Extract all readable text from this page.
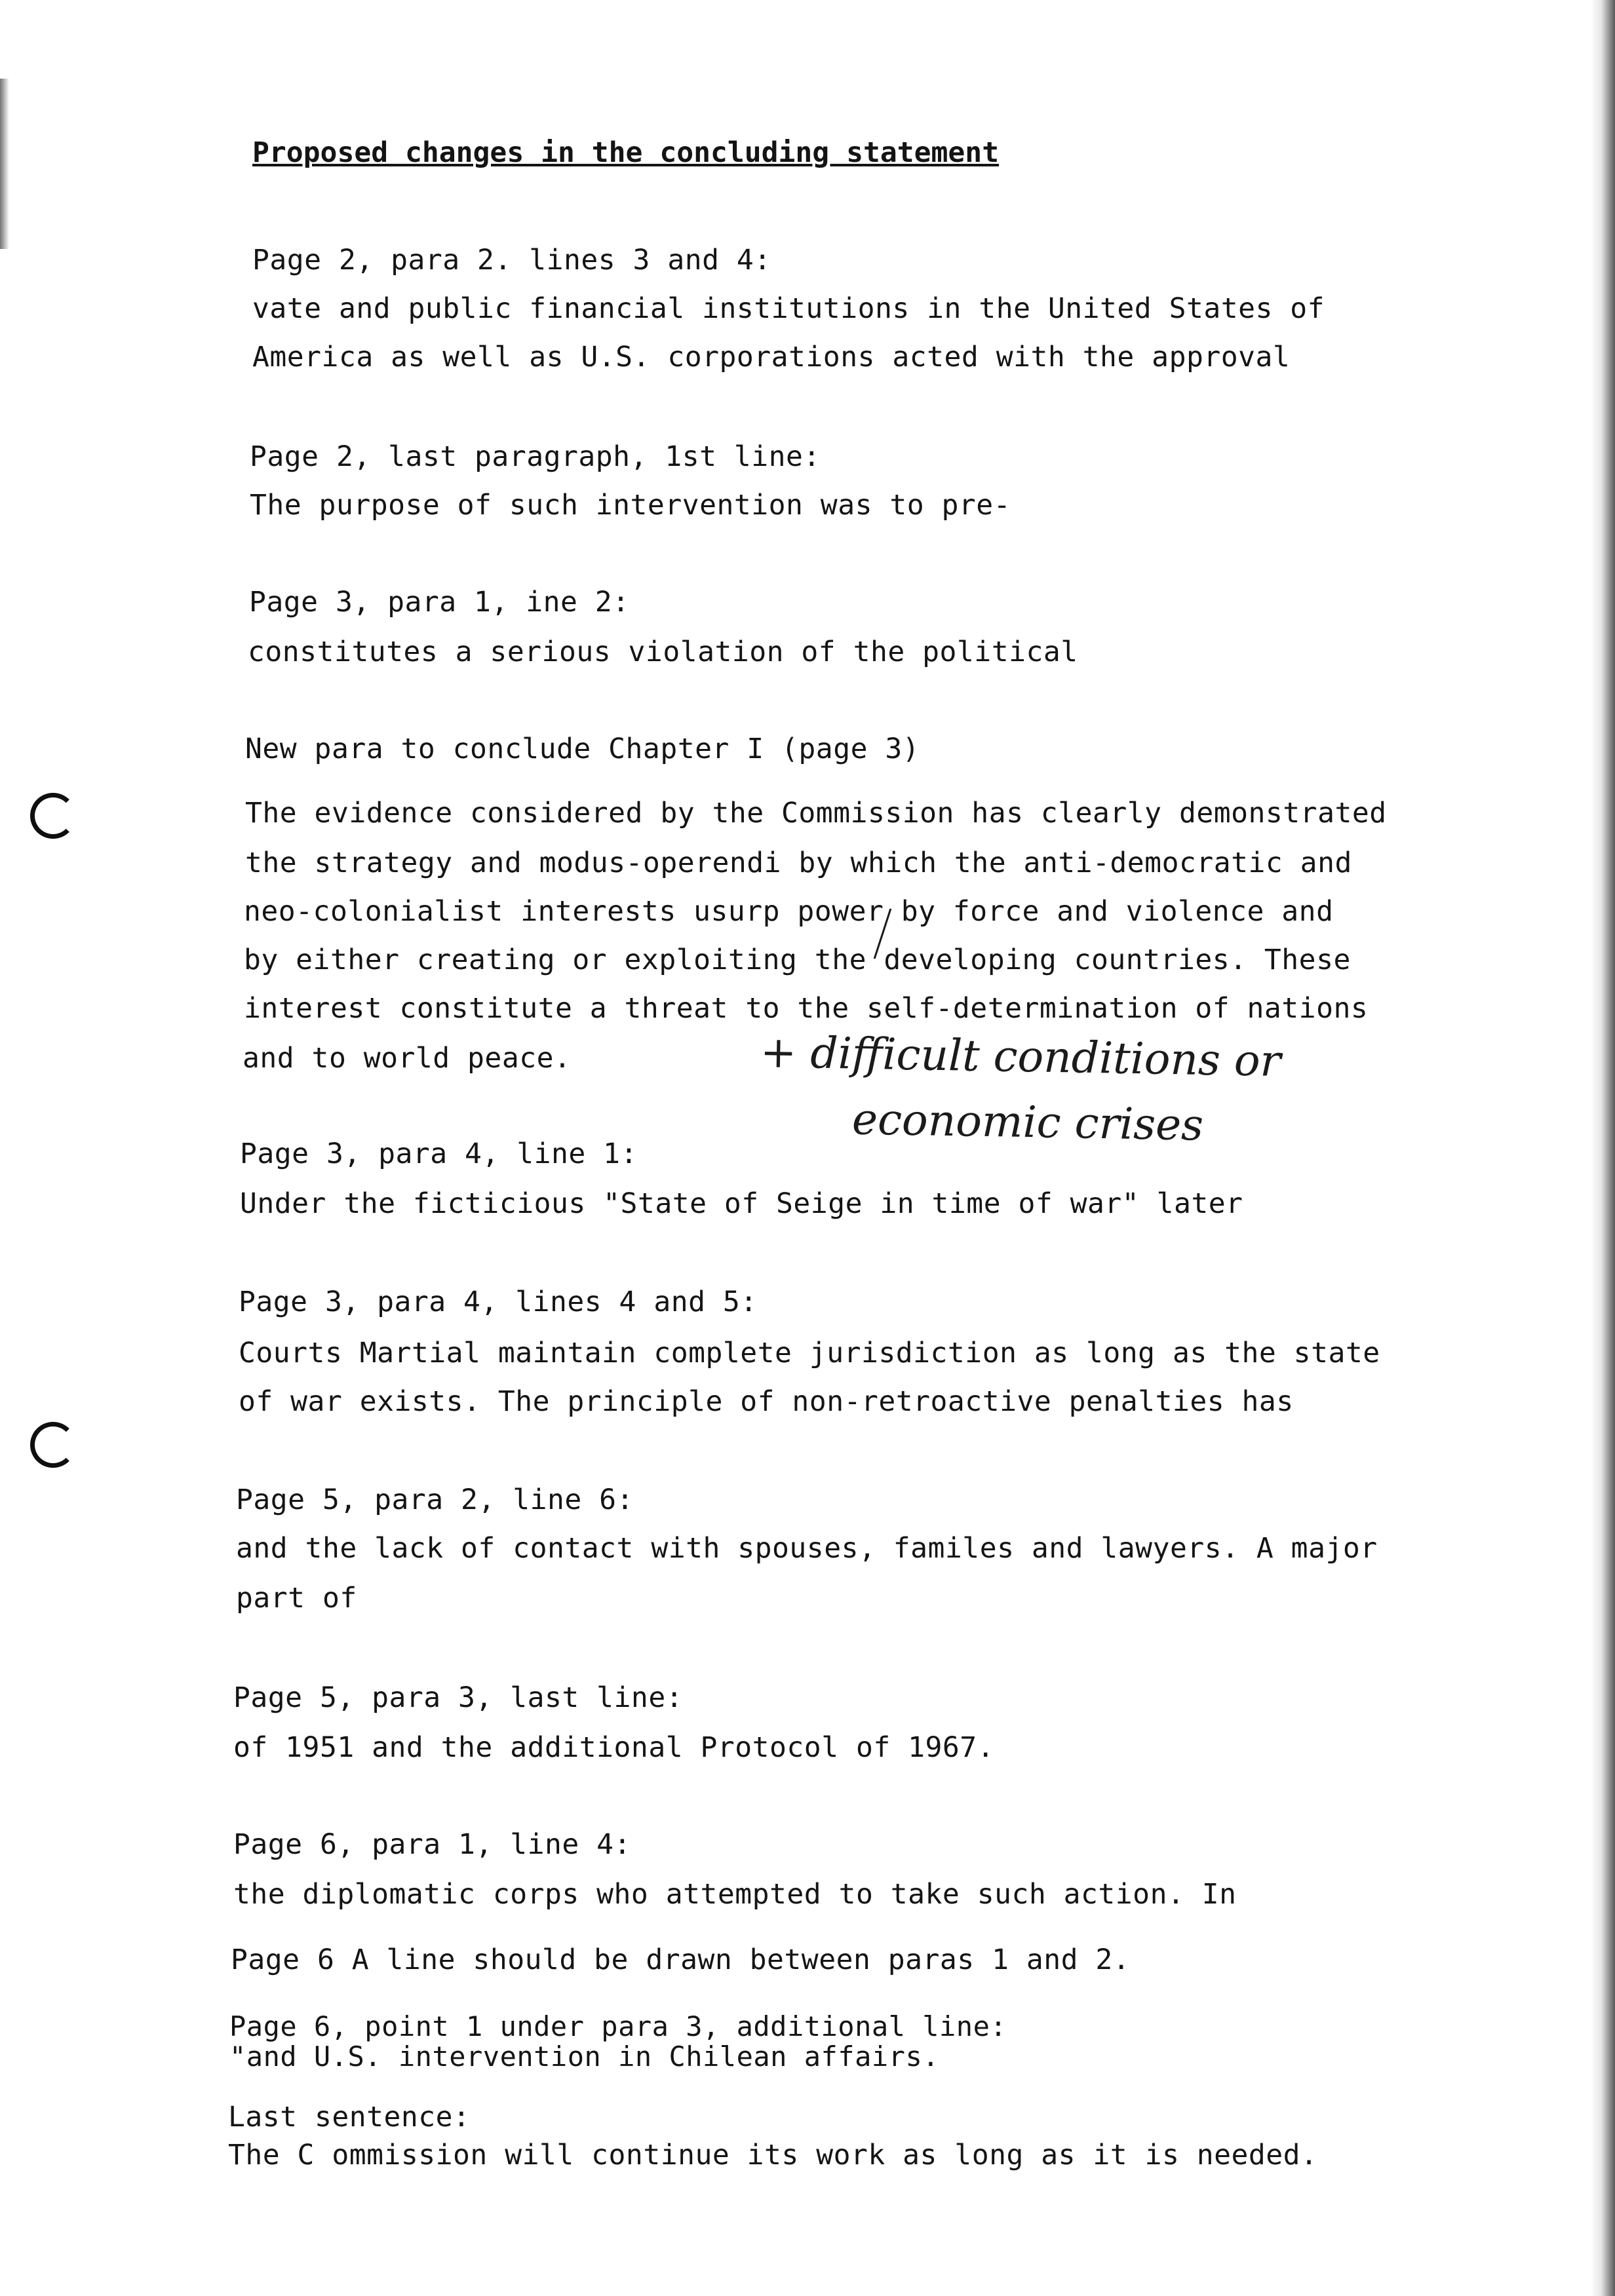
Proposed changes in the concluding statement

Page 2, para 2. lines 3 and 4:

vate and public financial institutions in the United States of

America as well as U.S. corporations acted with the approval

Page 2, last paragraph, 1st line:

The purpose of such intervention was to pre-

Page 3, para 1, ine 2:

constitutes a serious violation of the political

New para to conclude Chapter I (page 3)

The evidence considered by the Commission has clearly demonstrated

the strategy and modus-operendi by which the anti-democratic and

neo-colonialist interests usurp power by force and violence and

by either creating or exploiting the developing countries. These

interest constitute a threat to the self-determination of nations

and to world peace.	+ difficult conditions or
economic crises

Page 3, para 4, line 1:

Under the ficticious "State of Seige in time of war" later

Page 3, para 4, lines 4 and 5:

Courts Martial maintain complete jurisdiction as long as the state

of war exists. The principle of non-retroactive penalties has

Page 5, para 2, line 6:

and the lack of contact with spouses, familes and lawyers. A major

part of

Page 5, para 3, last line:

of 1951 and the additional Protocol of 1967.

Page 6, para 1, line 4:

the diplomatic corps who attempted to take such action. In

Page 6 A line should be drawn between paras 1 and 2.

Page 6, point 1 under para 3, additional line:

"and U.S. intervention in Chilean affairs.

Last sentence:

The C ommission will continue its work as long as it is needed.
